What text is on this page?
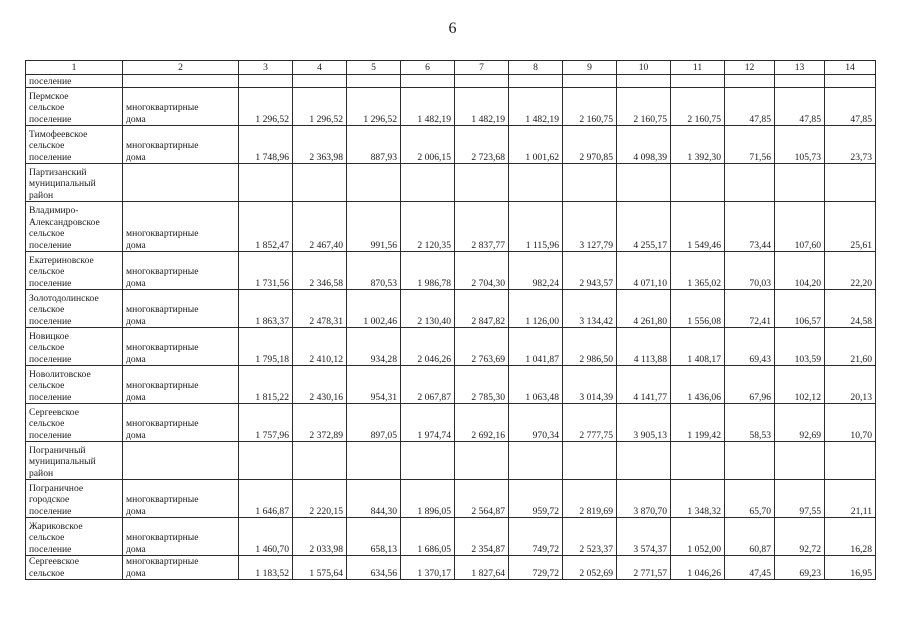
6
1	2	3	4	5	6	7	8	9	10	11	12	13	14
поселение													
Пермское
сельское
поселение	многоквартирные
дома	1 296,52	1 296,52	1 296,52	1 482,19	1 482,19	1 482,19	2 160,75	2 160,75	2 160,75	47,85	47,85	47,85
Тимофеевское
сельское
поселение	многоквартирные
дома	1 748,96	2 363,98	887,93	2 006,15	2 723,68	1 001,62	2 970,85	4 098,39	1 392,30	71,56	105,73	23,73
Партизанский
муниципальный
район													
Владимиро-
Александровское
сельское
поселение	многоквартирные
дома	1 852,47	2 467,40	991,56	2 120,35	2 837,77	1 115,96	3 127,79	4 255,17	1 549,46	73,44	107,60	25,61
Екатериновское
сельское
поселение	многоквартирные
дома	1 731,56	2 346,58	870,53	1 986,78	2 704,30	982,24	2 943,57	4 071,10	1 365,02	70,03	104,20	22,20
Золотодолинское
сельское
поселение	многоквартирные
дома	1 863,37	2 478,31	1 002,46	2 130,40	2 847,82	1 126,00	3 134,42	4 261,80	1 556,08	72,41	106,57	24,58
Новицкое
сельское
поселение	многоквартирные
дома	1 795,18	2 410,12	934,28	2 046,26	2 763,69	1 041,87	2 986,50	4 113,88	1 408,17	69,43	103,59	21,60
Новолитовское
сельское
поселение	многоквартирные
дома	1 815,22	2 430,16	954,31	2 067,87	2 785,30	1 063,48	3 014,39	4 141,77	1 436,06	67,96	102,12	20,13
Сергеевское
сельское
поселение	многоквартирные
дома	1 757,96	2 372,89	897,05	1 974,74	2 692,16	970,34	2 777,75	3 905,13	1 199,42	58,53	92,69	10,70
Пограничный
муниципальный
район													
Пограничное
городское
поселение	многоквартирные
дома	1 646,87	2 220,15	844,30	1 896,05	2 564,87	959,72	2 819,69	3 870,70	1 348,32	65,70	97,55	21,11
Жариковское
сельское
поселение	многоквартирные
дома	1 460,70	2 033,98	658,13	1 686,05	2 354,87	749,72	2 523,37	3 574,37	1 052,00	60,87	92,72	16,28
Сергеевское
сельское	многоквартирные
дома	1 183,52	1 575,64	634,56	1 370,17	1 827,64	729,72	2 052,69	2 771,57	1 046,26	47,45	69,23	16,95
